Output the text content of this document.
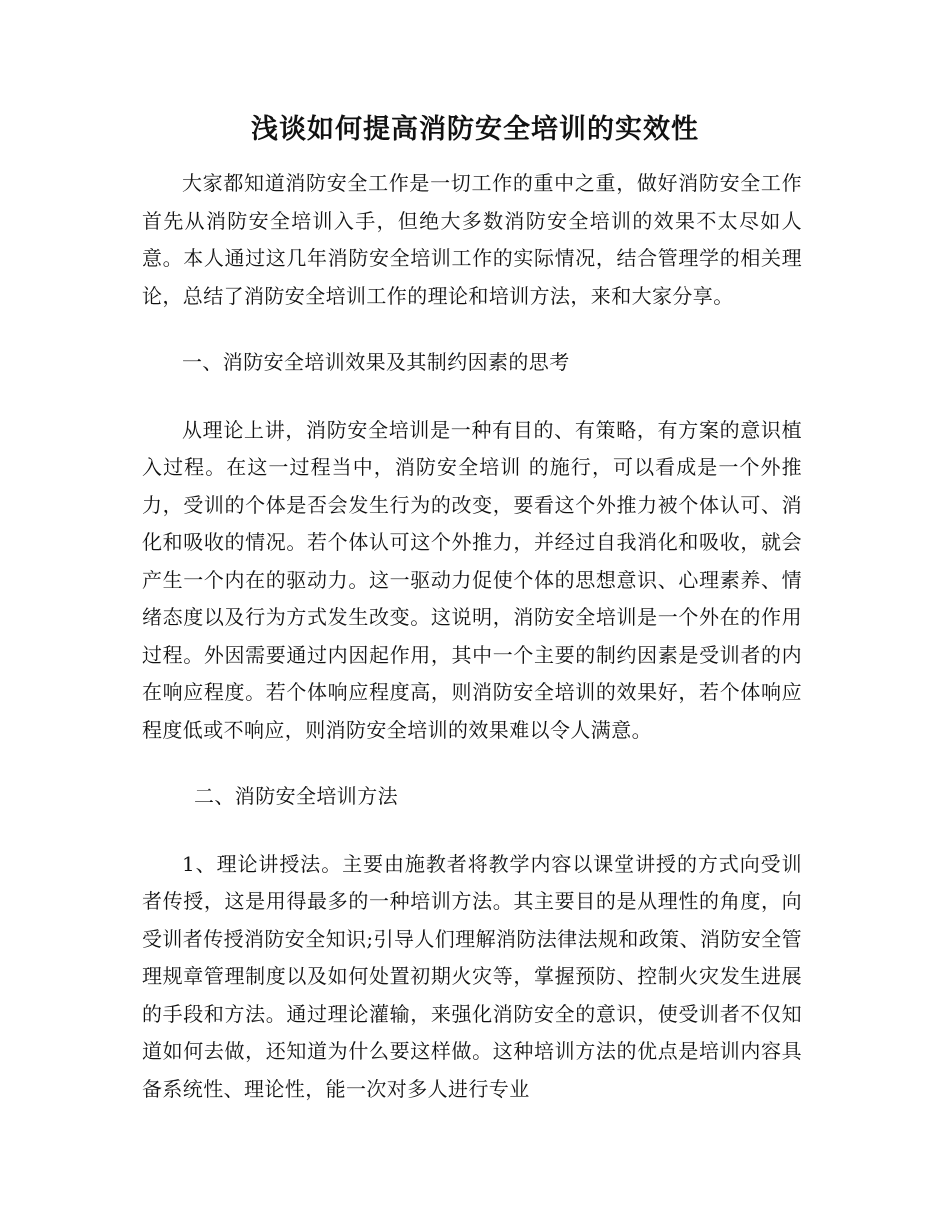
浅谈如何提高消防安全培训的实效性

大家都知道消防安全工作是一切工作的重中之重，做好消防安全工作首先从消防安全培训入手，但绝大多数消防安全培训的效果不太尽如人意。本人通过这几年消防安全培训工作的实际情况，结合管理学的相关理论，总结了消防安全培训工作的理论和培训方法，来和大家分享。

一、消防安全培训效果及其制约因素的思考

从理论上讲，消防安全培训是一种有目的、有策略，有方案的意识植入过程。在这一过程当中，消防安全培训 的施行，可以看成是一个外推力，受训的个体是否会发生行为的改变，要看这个外推力被个体认可、消化和吸收的情况。若个体认可这个外推力，并经过自我消化和吸收，就会产生一个内在的驱动力。这一驱动力促使个体的思想意识、心理素养、情绪态度以及行为方式发生改变。这说明，消防安全培训是一个外在的作用过程。外因需要通过内因起作用，其中一个主要的制约因素是受训者的内在响应程度。若个体响应程度高，则消防安全培训的效果好，若个体响应程度低或不响应，则消防安全培训的效果难以令人满意。

二、消防安全培训方法

1、理论讲授法。主要由施教者将教学内容以课堂讲授的方式向受训者传授，这是用得最多的一种培训方法。其主要目的是从理性的角度，向受训者传授消防安全知识;引导人们理解消防法律法规和政策、消防安全管理规章管理制度以及如何处置初期火灾等，掌握预防、控制火灾发生进展的手段和方法。通过理论灌输，来强化消防安全的意识，使受训者不仅知道如何去做，还知道为什么要这样做。这种培训方法的优点是培训内容具备系统性、理论性，能一次对多人进行专业
